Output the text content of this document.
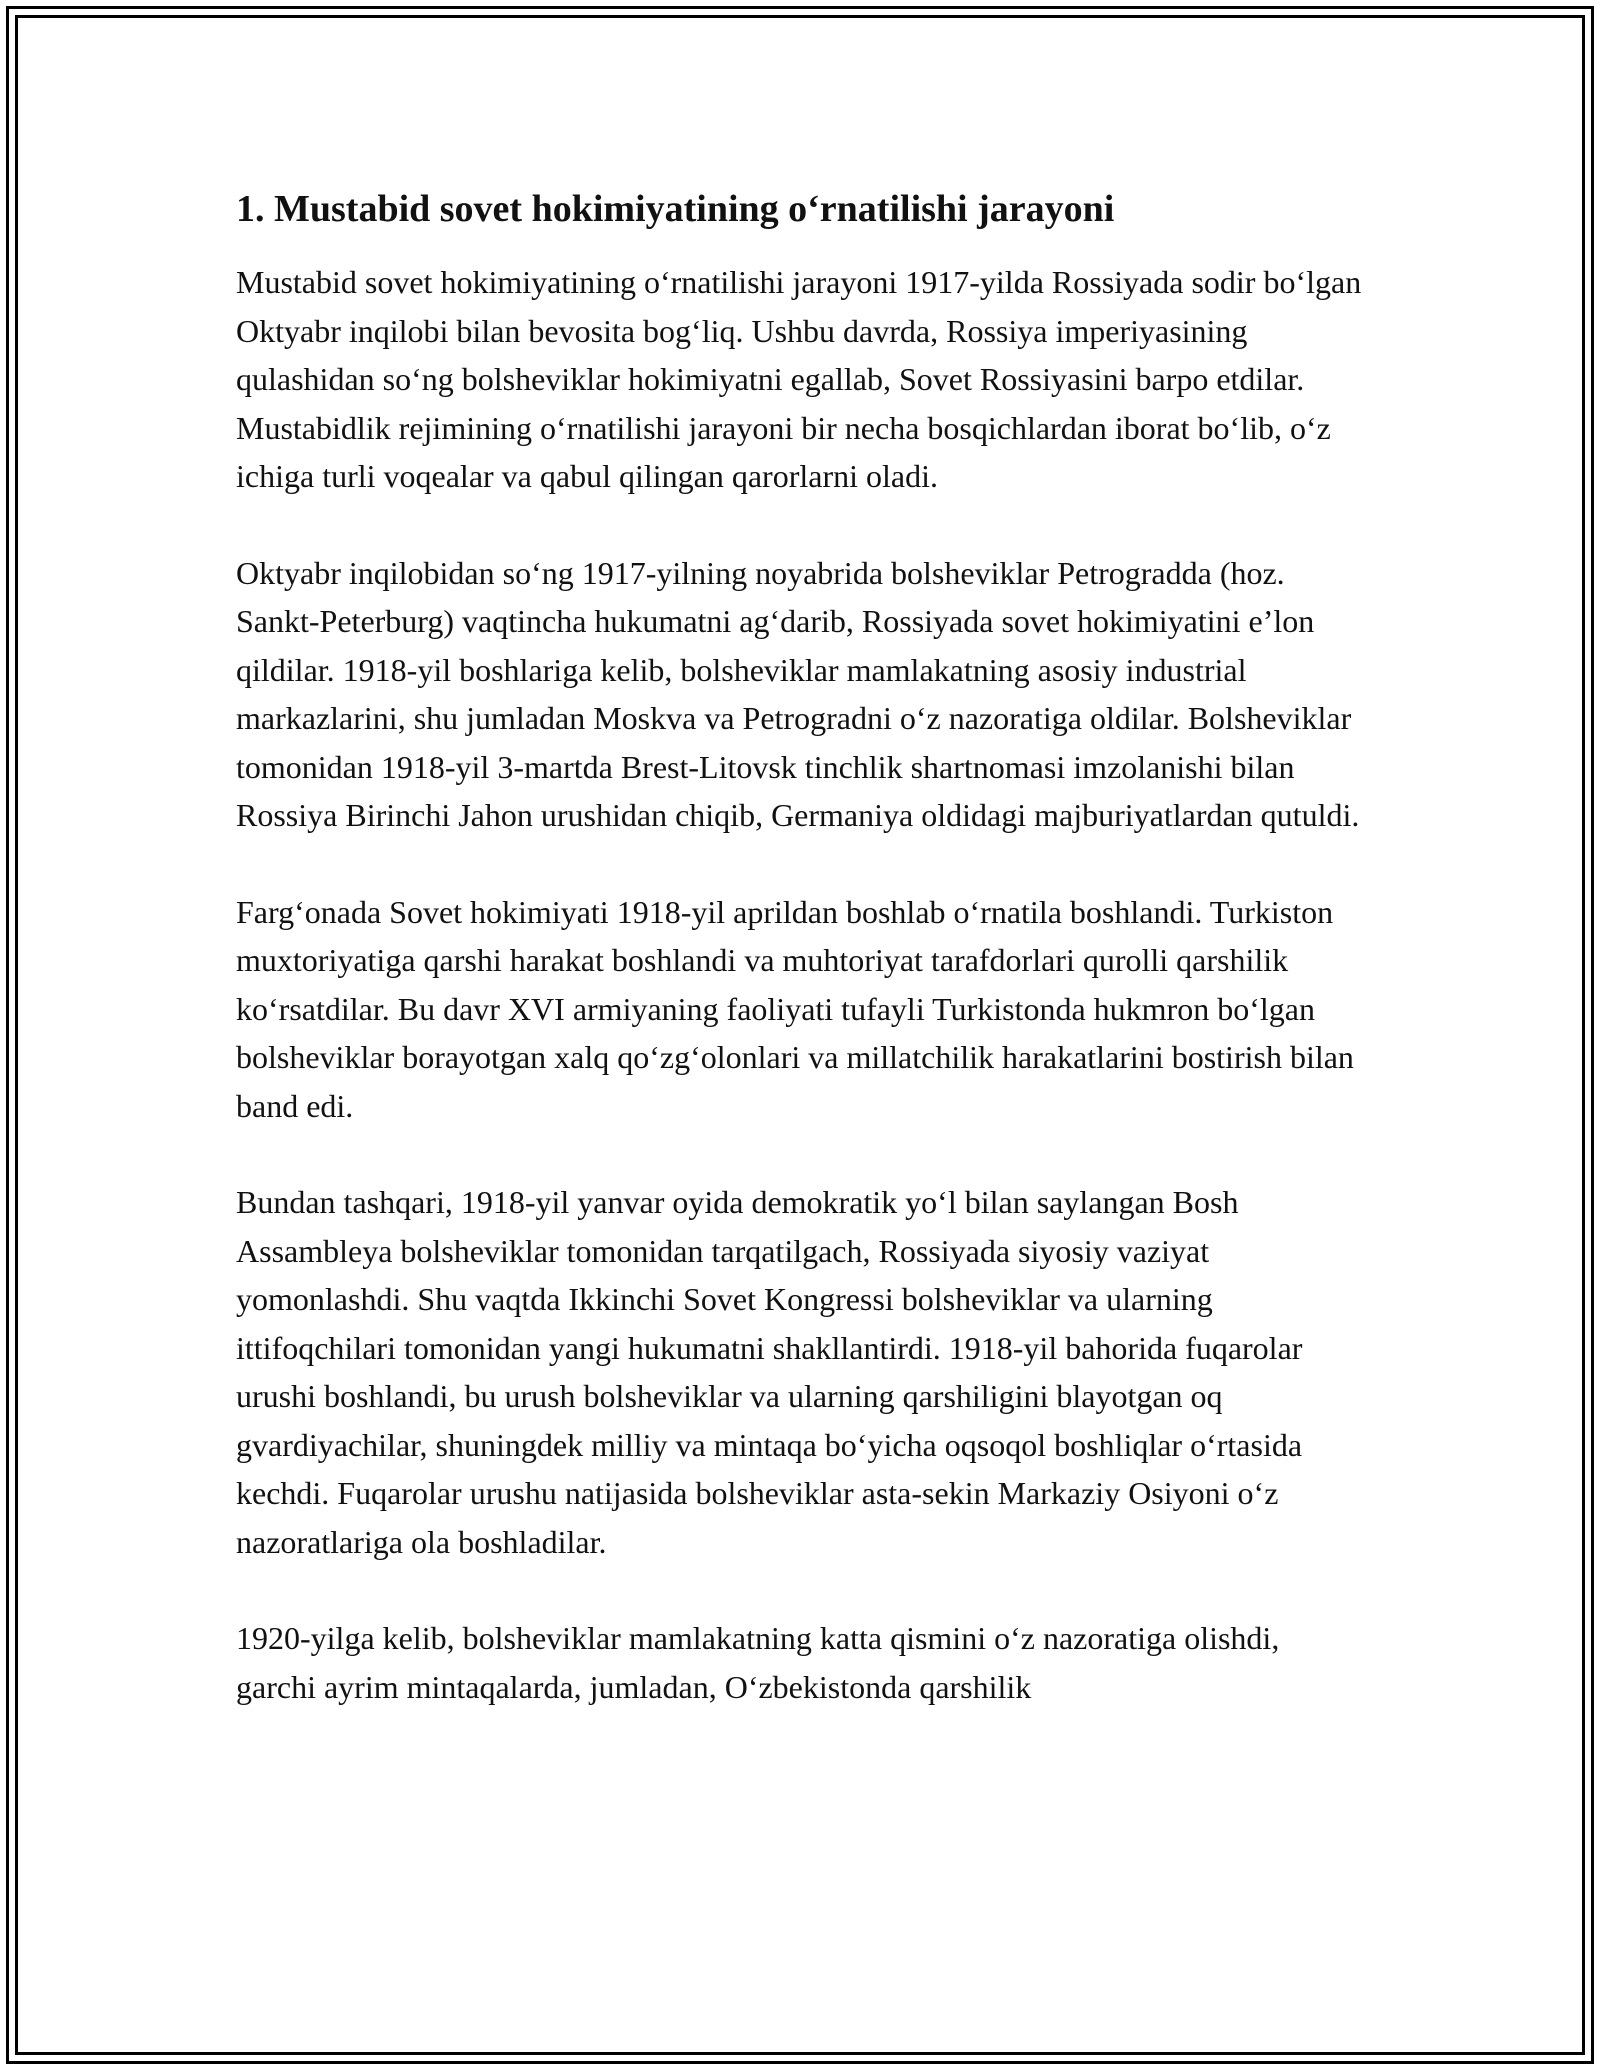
1. Mustabid sovet hokimiyatining o‘rnatilishi jarayoni

Mustabid sovet hokimiyatining o‘rnatilishi jarayoni 1917-yilda Rossiyada sodir bo‘lgan Oktyabr inqilobi bilan bevosita bog‘liq. Ushbu davrda, Rossiya imperiyasining qulashidan so‘ng bolsheviklar hokimiyatni egallab, Sovet Rossiyasini barpo etdilar. Mustabidlik rejimining o‘rnatilishi jarayoni bir necha bosqichlardan iborat bo‘lib, o‘z ichiga turli voqealar va qabul qilingan qarorlarni oladi.

Oktyabr inqilobidan so‘ng 1917-yilning noyabrida bolsheviklar Petrogradda (hoz. Sankt-Peterburg) vaqtincha hukumatni ag‘darib, Rossiyada sovet hokimiyatini e’lon qildilar. 1918-yil boshlariga kelib, bolsheviklar mamlakatning asosiy industrial markazlarini, shu jumladan Moskva va Petrogradni o‘z nazoratiga oldilar. Bolsheviklar tomonidan 1918-yil 3-martda Brest-Litovsk tinchlik shartnomasi imzolanishi bilan Rossiya Birinchi Jahon urushidan chiqib, Germaniya oldidagi majburiyatlardan qutuldi.

Farg‘onada Sovet hokimiyati 1918-yil aprildan boshlab o‘rnatila boshlandi. Turkiston muxtoriyatiga qarshi harakat boshlandi va muhtoriyat tarafdorlari qurolli qarshilik ko‘rsatdilar. Bu davr XVI armiyaning faoliyati tufayli Turkistonda hukmron bo‘lgan bolsheviklar borayotgan xalq qo‘zg‘olonlari va millatchilik harakatlarini bostirish bilan band edi.

Bundan tashqari, 1918-yil yanvar oyida demokratik yo‘l bilan saylangan Bosh Assambleya bolsheviklar tomonidan tarqatilgach, Rossiyada siyosiy vaziyat yomonlashdi. Shu vaqtda Ikkinchi Sovet Kongressi bolsheviklar va ularning ittifoqchilari tomonidan yangi hukumatni shakllantirdi. 1918-yil bahorida fuqarolar urushi boshlandi, bu urush bolsheviklar va ularning qarshiligini blayotgan oq gvardiyachilar, shuningdek milliy va mintaqa bo‘yicha oqsoqol boshliqlar o‘rtasida kechdi. Fuqarolar urushu natijasida bolsheviklar asta-sekin Markaziy Osiyoni o‘z nazoratlariga ola boshladilar.

1920-yilga kelib, bolsheviklar mamlakatning katta qismini o‘z nazoratiga olishdi, garchi ayrim mintaqalarda, jumladan, O‘zbekistonda qarshilik
